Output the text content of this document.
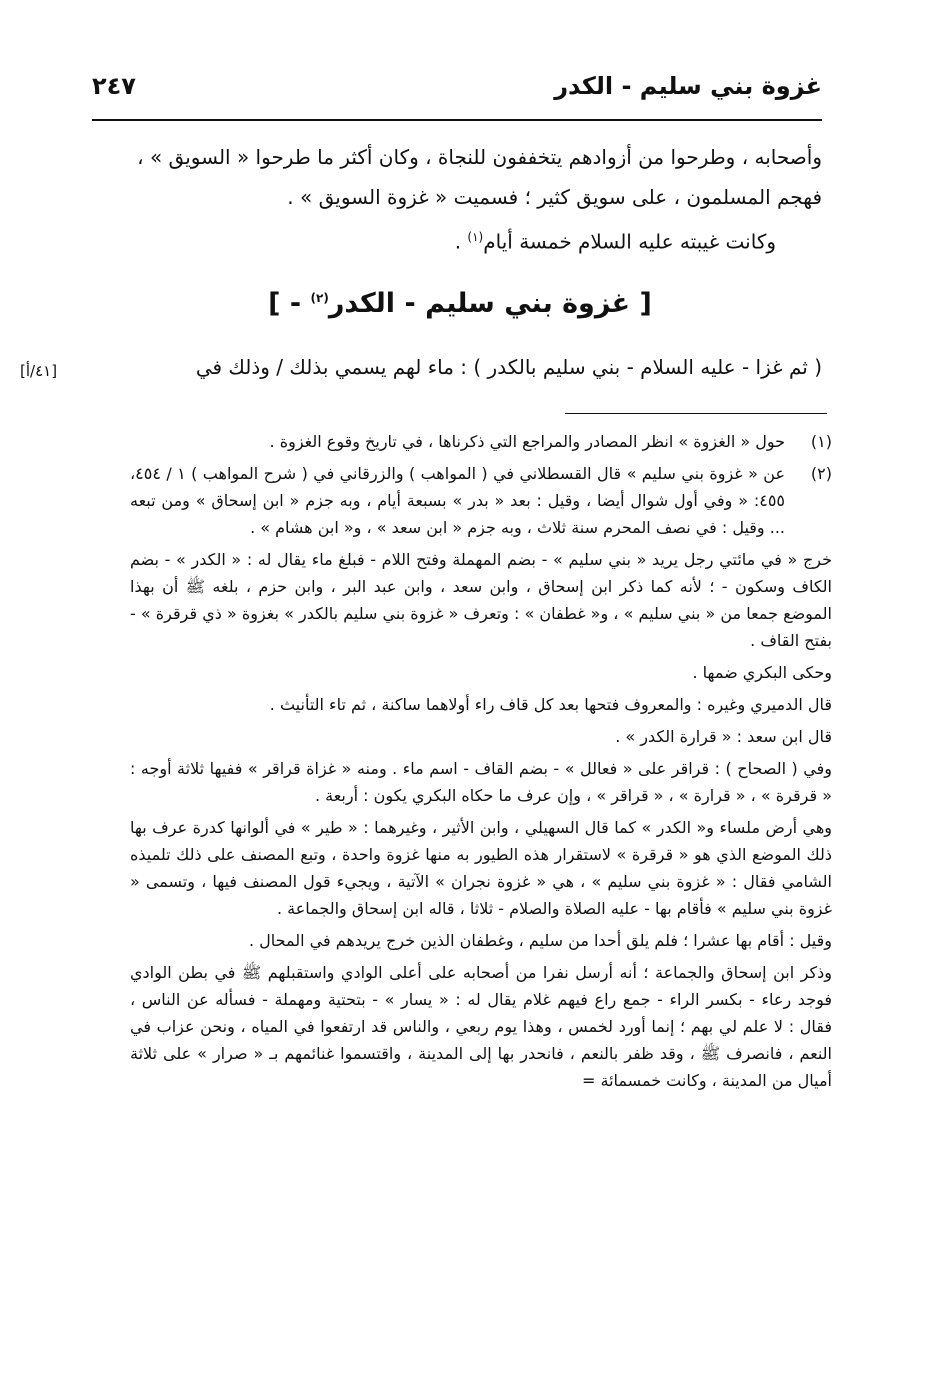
غزوة بني سليم - الكدر
٢٤٧

وأصحابه ، وطرحوا من أزوادهم يتخففون للنجاة ، وكان أكثر ما طرحوا « السويق » ،

فهجم المسلمون ، على سويق كثير ؛ فسميت « غزوة السويق » .

وكانت غيبته عليه السلام خمسة أيام$^{(١)}$ .

[ غزوة بني سليم - الكدر$^{(٢)}$ - ]
( ثم غزا - عليه السلام - بني سليم بالكدر ) : ماء لهم يسمي بذلك / وذلك في
[٤١/أ]
(١)
حول « الغزوة » انظر المصادر والمراجع التي ذكرناها ، في تاريخ وقوع الغزوة .
(٢)
عن « غزوة بني سليم » قال القسطلاني في ( المواهب ) والزرقاني في ( شرح المواهب ) ١ / ٤٥٤، ٤٥٥: « وفي أول شوال أيضا ، وقيل : بعد « بدر » بسبعة أيام ، وبه جزم « ابن إسحاق » ومن تبعه ... وقيل : في نصف المحرم سنة ثلاث ، وبه جزم « ابن سعد » ، و« ابن هشام » .

خرج « في مائتي رجل يريد « بني سليم » - بضم المهملة وفتح اللام - فبلغ ماء يقال له : « الكدر » - بضم الكاف وسكون - ؛ لأنه كما ذكر ابن إسحاق ، وابن سعد ، وابن عبد البر ، وابن حزم ، بلغه ﷺ أن بهذا الموضع جمعا من « بني سليم » ، و« غطفان » : وتعرف « غزوة بني سليم بالكدر » بغزوة « ذي قرقرة » - بفتح القاف .

وحكى البكري ضمها .

قال الدميري وغيره : والمعروف فتحها بعد كل قاف راء أولاهما ساكنة ، ثم تاء التأنيث .

قال ابن سعد : « قرارة الكدر » .

وفي ( الصحاح ) : قراقر على « فعالل » - بضم القاف - اسم ماء . ومنه « غزاة قراقر » ففيها ثلاثة أوجه : « قرقرة » ، « قرارة » ، « قراقر » ، وإن عرف ما حكاه البكري يكون : أربعة .

وهي أرض ملساء و« الكدر » كما قال السهيلي ، وابن الأثير ، وغيرهما : « طير » في ألوانها كدرة عرف بها ذلك الموضع الذي هو « قرقرة » لاستقرار هذه الطيور به منها غزوة واحدة ، وتبع المصنف على ذلك تلميذه الشامي فقال : « غزوة بني سليم » ، هي « غزوة نجران » الآتية ، ويجيء قول المصنف فيها ، وتسمى « غزوة بني سليم » فأقام بها - عليه الصلاة والصلام - ثلاثا ، قاله ابن إسحاق والجماعة .

وقيل : أقام بها عشرا ؛ فلم يلق أحدا من سليم ، وغطفان الذين خرج يريدهم في المحال .

وذكر ابن إسحاق والجماعة ؛ أنه أرسل نفرا من أصحابه على أعلى الوادي واستقبلهم ﷺ في بطن الوادي فوجد رعاء - بكسر الراء - جمع راع فيهم غلام يقال له : « يسار » - بتحتية ومهملة - فسأله عن الناس ، فقال : لا علم لي بهم ؛ إنما أورد لخمس ، وهذا يوم ربعي ، والناس قد ارتفعوا في المياه ، ونحن عزاب في النعم ، فانصرف ﷺ ، وقد ظفر بالنعم ، فانحدر بها إلى المدينة ، واقتسموا غنائمهم بـ « صرار » على ثلاثة أميال من المدينة ، وكانت خمسمائة =
